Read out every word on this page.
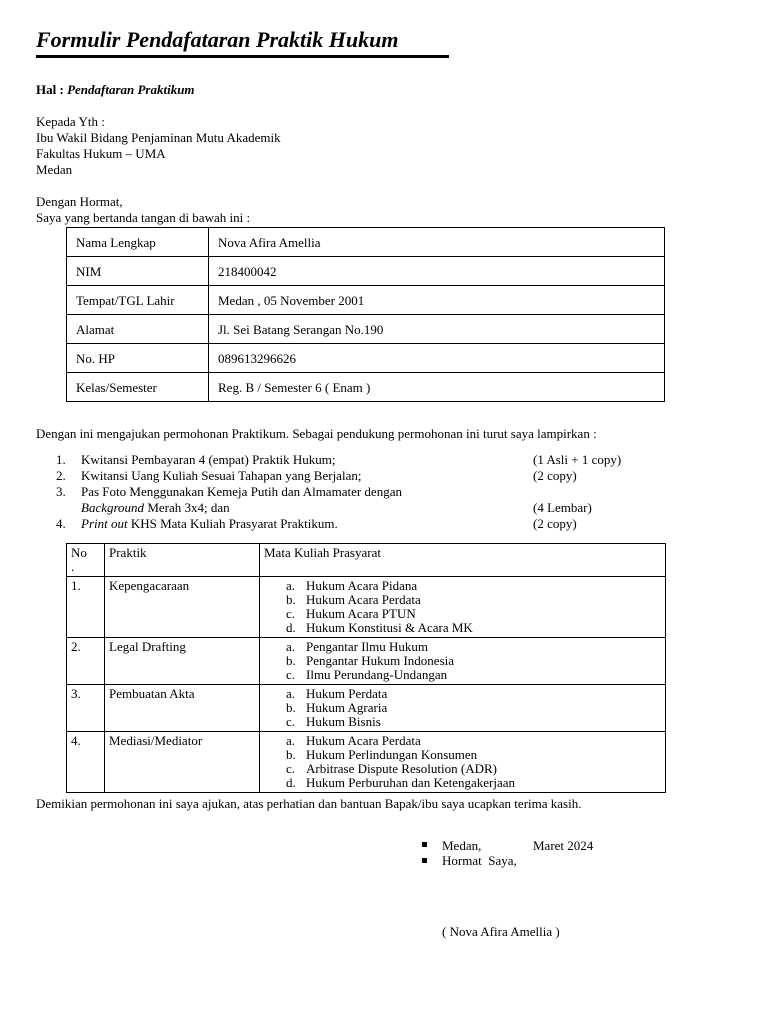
Formulir Pendafataran Praktik Hukum
Hal : Pendaftaran Praktikum
Kepada Yth :
Ibu Wakil Bidang Penjaminan Mutu Akademik
Fakultas Hukum – UMA
Medan
Dengan Hormat,
Saya yang bertanda tangan di bawah ini :
Nama Lengkap	Nova Afira Amellia
NIM	218400042
Tempat/TGL Lahir	Medan , 05 November 2001
Alamat	Jl. Sei Batang Serangan No.190
No. HP	089613296626
Kelas/Semester	Reg. B / Semester 6 ( Enam )
Dengan ini mengajukan permohonan Praktikum. Sebagai pendukung permohonan ini turut saya lampirkan :
1. Kwitansi Pembayaran 4 (empat) Praktik Hukum;	(1 Asli + 1 copy)
2. Kwitansi Uang Kuliah Sesuai Tahapan yang Berjalan;	(2 copy)
3. Pas Foto Menggunakan Kemeja Putih dan Almamater dengan
Background Merah 3x4; dan	(4 Lembar)
4. Print out KHS Mata Kuliah Prasyarat Praktikum.	(2 copy)
No
.	Praktik	Mata Kuliah Prasyarat
1.	Kepengacaraan	a. Hukum Acara Pidana
b. Hukum Acara Perdata
c. Hukum Acara PTUN
d. Hukum Konstitusi & Acara MK

2.	Legal Drafting	a. Pengantar Ilmu Hukum
b. Pengantar Hukum Indonesia
c. Ilmu Perundang-Undangan

3.	Pembuatan Akta	a. Hukum Perdata
b. Hukum Agraria
c. Hukum Bisnis

4.	Mediasi/Mediator	a. Hukum Acara Perdata
b. Hukum Perlindungan Konsumen
c. Arbitrase Dispute Resolution (ADR)
d. Hukum Perburuhan dan Ketengakerjaan
Demikian permohonan ini saya ajukan, atas perhatian dan bantuan Bapak/ibu saya ucapkan terima kasih.
Medan,	Maret 2024
Hormat  Saya,
( Nova Afira Amellia )
